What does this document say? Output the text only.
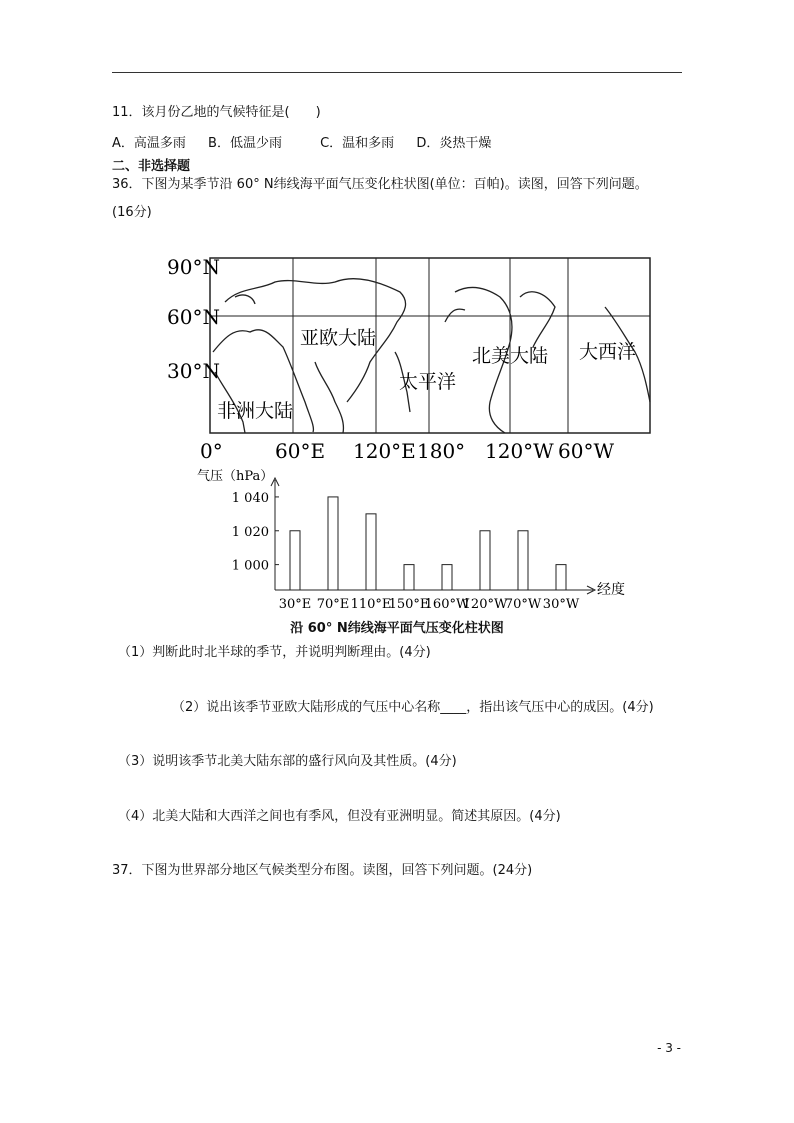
11．该月份乙地的气候特征是(　　)
A．高温多雨 B．低温少雨	C．温和多雨 D．炎热干燥
二、非选择题
36．下图为某季节沿 60° N纬线海平面气压变化柱状图(单位：百帕)。读图，回答下列问题。
(16分)
90°N
60°N
30°N
0°	60°E 120°E 180° 120°W 60°W
亚欧大陆
北美大陆 大西洋
太平洋
非洲大陆
气压（hPa）
经度
1 000
1 020
1 040
30°E 70°E 110°E
150°E
160°W
120°W
70°W 30°W
沿 60° N纬线海平面气压变化柱状图
（1）判断此时北半球的季节，并说明判断理由。(4分)
（2）说出该季节亚欧大陆形成的气压中心名称____，指出该气压中心的成因。(4分)
（3）说明该季节北美大陆东部的盛行风向及其性质。(4分)
（4）北美大陆和大西洋之间也有季风，但没有亚洲明显。简述其原因。(4分)
37．下图为世界部分地区气候类型分布图。读图，回答下列问题。(24分)
- 3 -
